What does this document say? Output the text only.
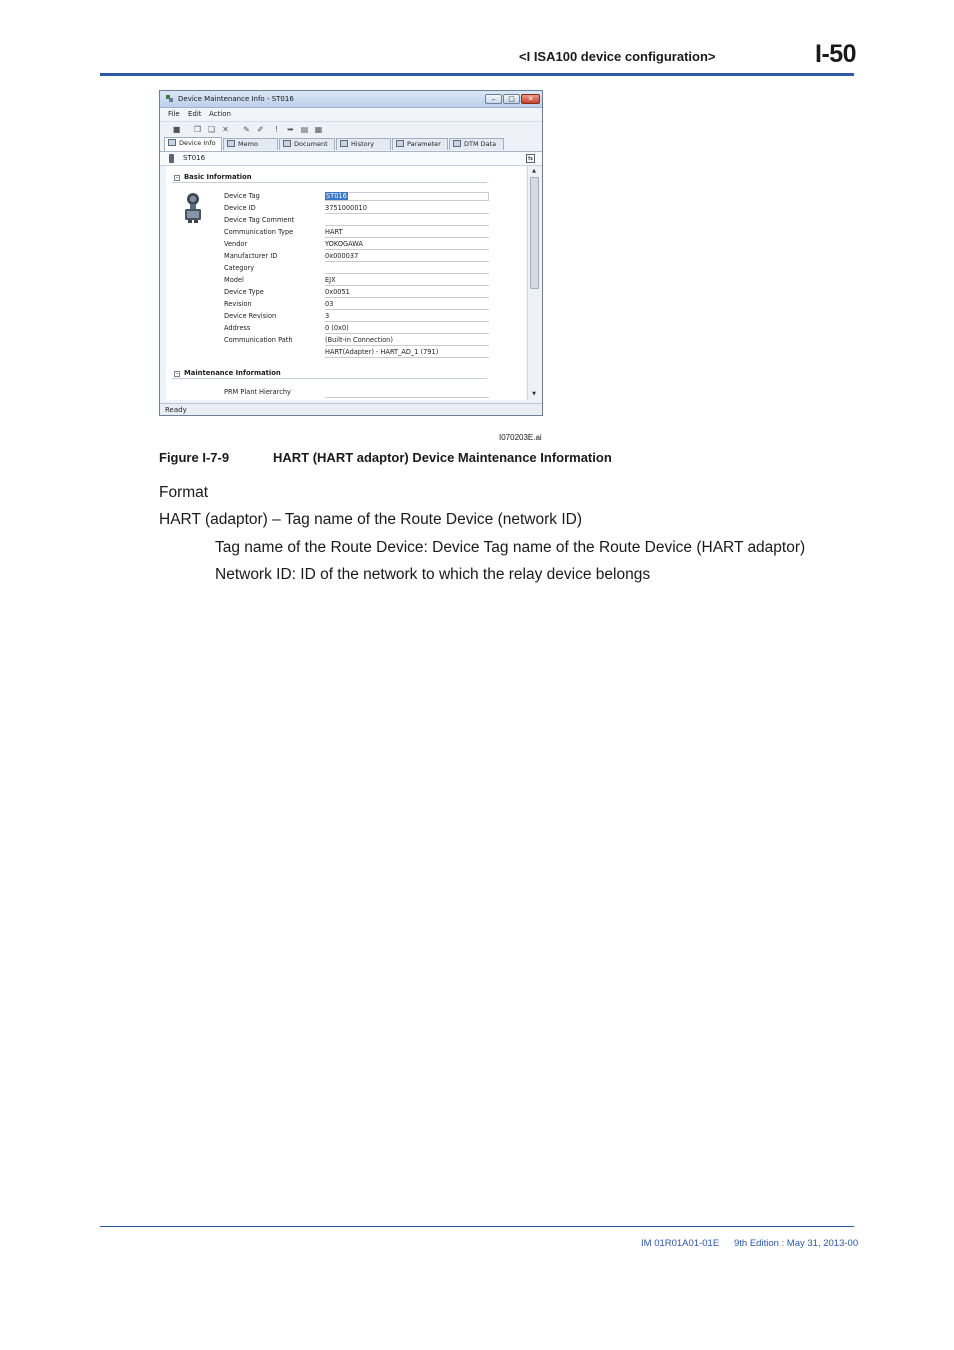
<I ISA100 device configuration>	I-50
Device Maintenance Info - ST016	–	□	✕
File Edit Action
■ ❐ ❏ ✕ ✎ ✐	!	➥ ▤ ▦
Device Info	Memo	Document	History	Parameter	DTM Data
ST016	⇆
– Basic Information
Device Tag	ST016
Device ID	3751000010
Device Tag Comment
Communication Type	HART
Vendor	YOKOGAWA
Manufacturer ID	0x000037
Category
Model	EJX
Device Type	0x0051
Revision	03
Device Revision	3
Address	0 (0x0)
Communication Path	(Built-in Connection)
HART(Adapter) - HART_AD_1 (791)
– Maintenance Information
PRM Plant Hierarchy
▲
▼
Ready
I070203E.ai
Figure I-7-9	HART (HART adaptor) Device Maintenance Information
Format
HART (adaptor) – Tag name of the Route Device (network ID)
Tag name of the Route Device: Device Tag name of the Route Device (HART adaptor)
Network ID: ID of the network to which the relay device belongs
IM 01R01A01-01E 9th Edition : May 31, 2013-00
